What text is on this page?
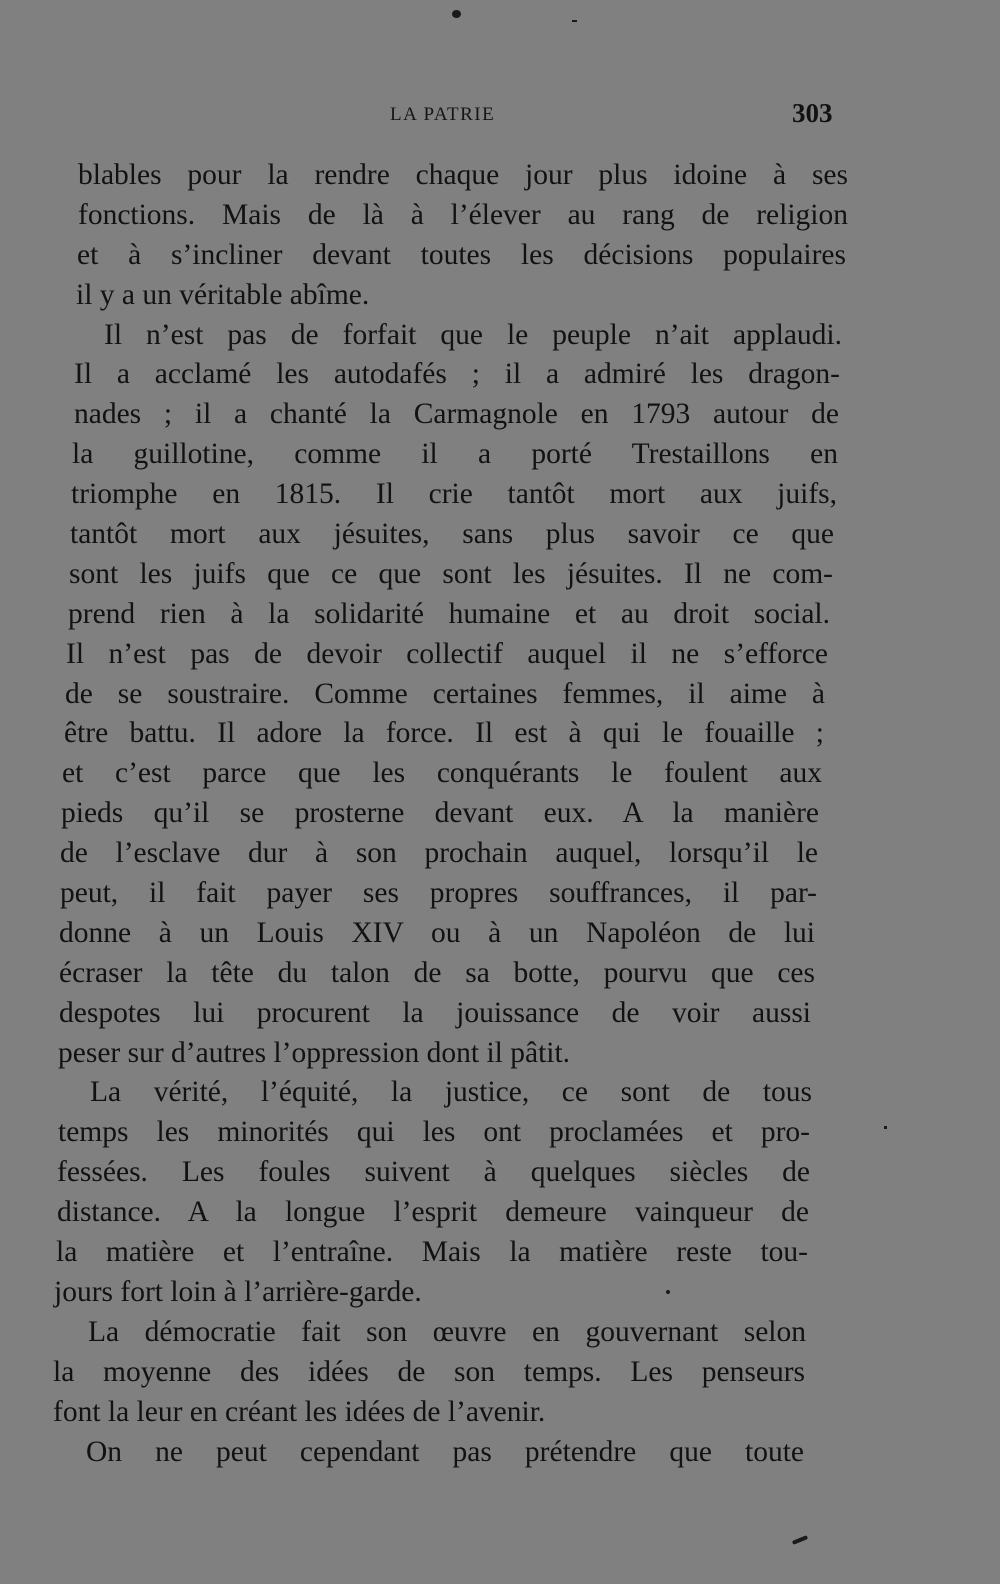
LA PATRIE	303
blables pour la rendre chaque jour plus idoine à ses
fonctions. Mais de là à l’élever au rang de religion
et à s’incliner devant toutes les décisions populaires
il y a un véritable abîme.
Il n’est pas de forfait que le peuple n’ait applaudi.
Il a acclamé les autodafés ; il a admiré les dragon-
nades ; il a chanté la Carmagnole en 1793 autour de
la guillotine, comme il a porté Trestaillons en
triomphe en 1815. Il crie tantôt mort aux juifs,
tantôt mort aux jésuites, sans plus savoir ce que
sont les juifs que ce que sont les jésuites. Il ne com-
prend rien à la solidarité humaine et au droit social.
Il n’est pas de devoir collectif auquel il ne s’efforce
de se soustraire. Comme certaines femmes, il aime à
être battu. Il adore la force. Il est à qui le fouaille ;
et c’est parce que les conquérants le foulent aux
pieds qu’il se prosterne devant eux. A la manière
de l’esclave dur à son prochain auquel, lorsqu’il le
peut, il fait payer ses propres souffrances, il par-
donne à un Louis XIV ou à un Napoléon de lui
écraser la tête du talon de sa botte, pourvu que ces
despotes lui procurent la jouissance de voir aussi
peser sur d’autres l’oppression dont il pâtit.
La vérité, l’équité, la justice, ce sont de tous
temps les minorités qui les ont proclamées et pro-
fessées. Les foules suivent à quelques siècles de
distance. A la longue l’esprit demeure vainqueur de
la matière et l’entraîne. Mais la matière reste tou-
jours fort loin à l’arrière-garde.
La démocratie fait son œuvre en gouvernant selon
la moyenne des idées de son temps. Les penseurs
font la leur en créant les idées de l’avenir.
On ne peut cependant pas prétendre que toute
